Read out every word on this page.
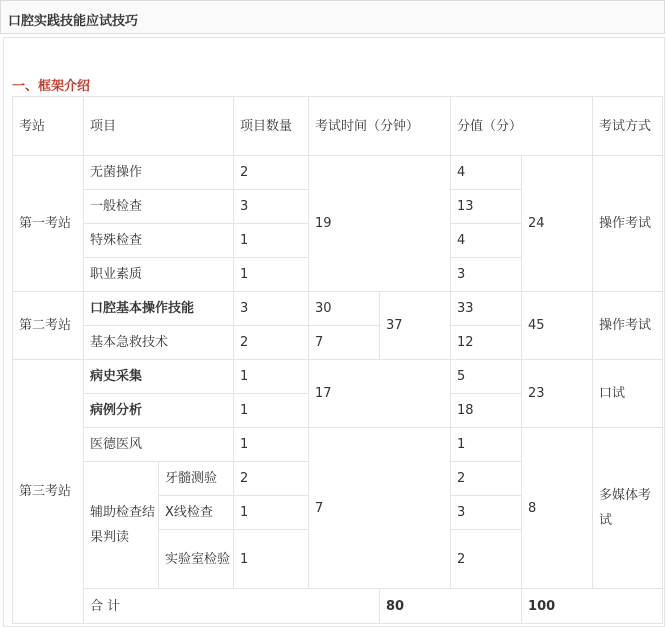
口腔实践技能应试技巧
一、框架介绍
考站	项目		项目数量	考试时间（分钟）		分值（分）		考试方式	
第一考站	无菌操作		2	19		4	24	操作考试	
	一般检查		3			13			
	特殊检查		1			4			
	职业素质		1			3			
第二考站	口腔基本操作技能		3	30	37	33	45	操作考试	
	基本急救技术		2	7		12			
第三考站	病史采集		1	17		5	23	口试	
	病例分析		1			18			
	医德医风		1	7		1	8	多媒体考试	
	辅助检查结果判读	牙髓测验	2			2			
		X线检查	1			3			
		实验室检验	1			2			
	合 计				80		100		
